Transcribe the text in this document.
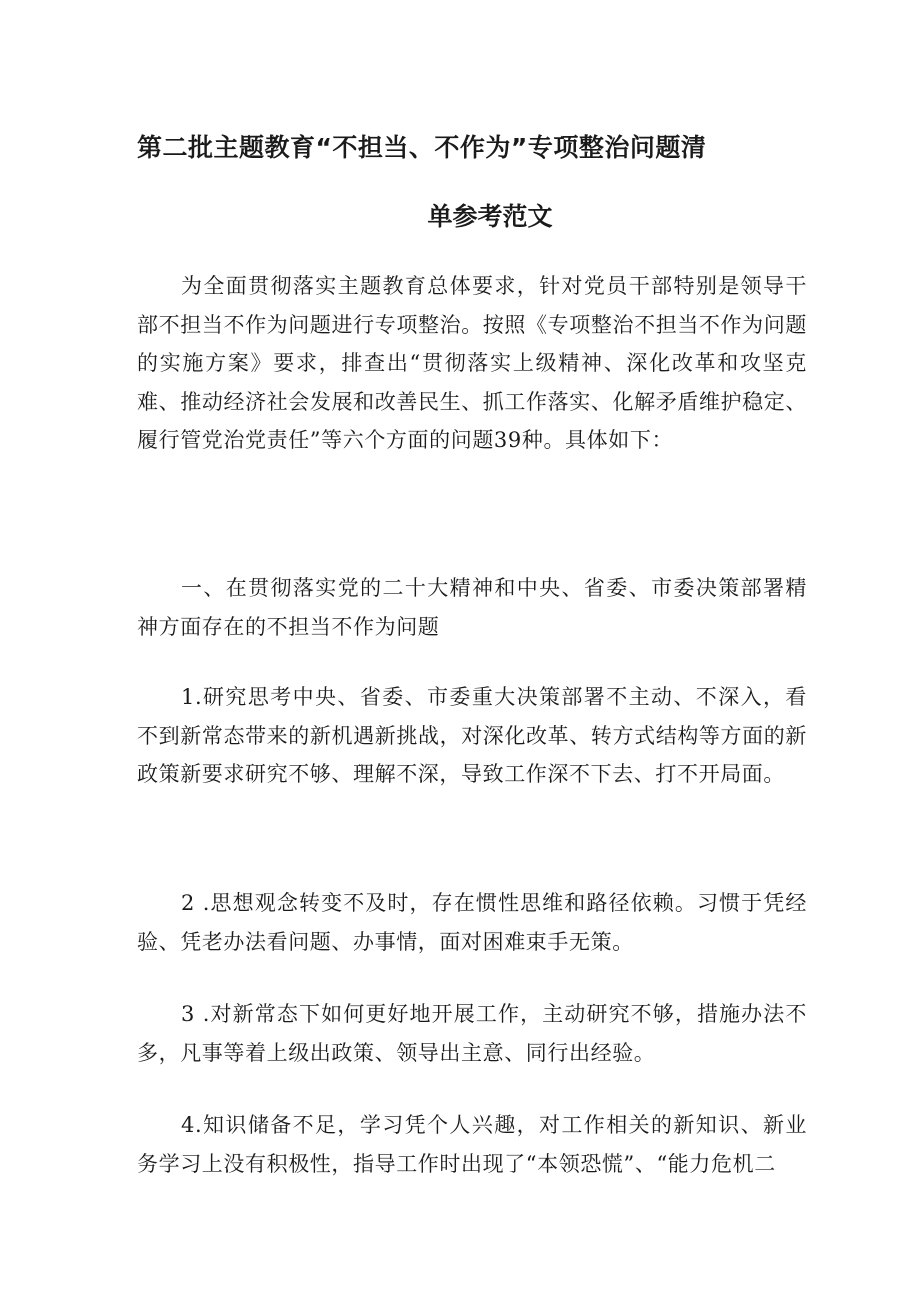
第二批主题教育“不担当、不作为”专项整治问题清
单参考范文

为全面贯彻落实主题教育总体要求，针对党员干部特别是领导干部不担当不作为问题进行专项整治。按照《专项整治不担当不作为问题的实施方案》要求，排查出“贯彻落实上级精神、深化改革和攻坚克难、推动经济社会发展和改善民生、抓工作落实、化解矛盾维护稳定、履行管党治党责任”等六个方面的问题39种。具体如下：

一、在贯彻落实党的二十大精神和中央、省委、市委决策部署精神方面存在的不担当不作为问题

1.研究思考中央、省委、市委重大决策部署不主动、不深入，看不到新常态带来的新机遇新挑战，对深化改革、转方式结构等方面的新政策新要求研究不够、理解不深，导致工作深不下去、打不开局面。

2 .思想观念转变不及时，存在惯性思维和路径依赖。习惯于凭经验、凭老办法看问题、办事情，面对困难束手无策。

3 .对新常态下如何更好地开展工作，主动研究不够，措施办法不多，凡事等着上级出政策、领导出主意、同行出经验。

4.知识储备不足，学习凭个人兴趣，对工作相关的新知识、新业务学习上没有积极性，指导工作时出现了“本领恐慌”、“能力危机二
